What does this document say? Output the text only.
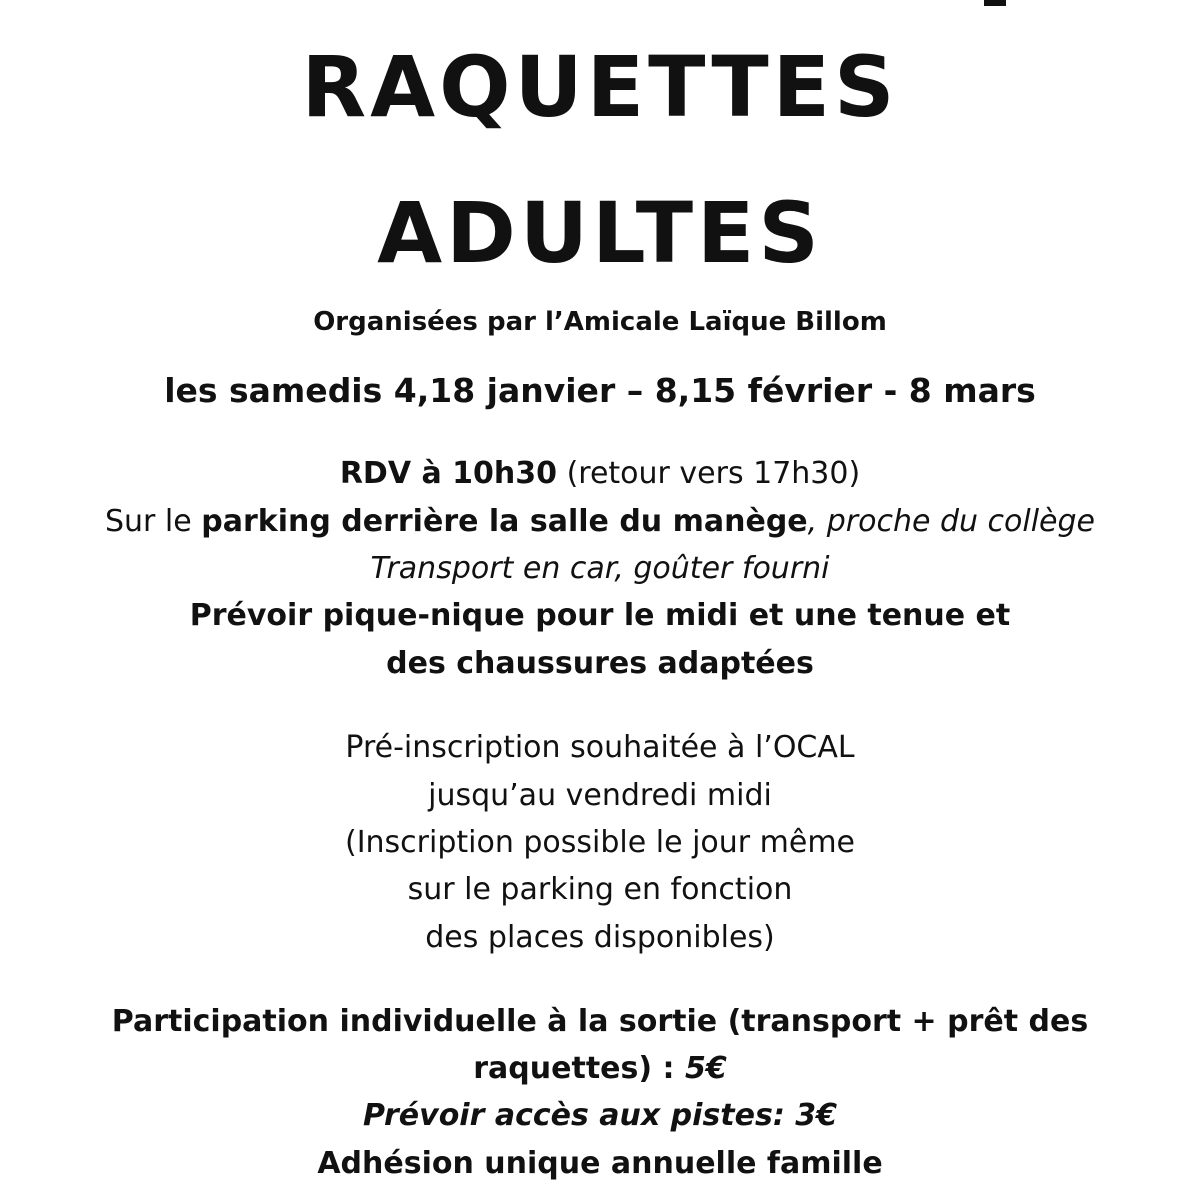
RAQUETTES
ADULTES
Organisées par l’Amicale Laïque Billom
les samedis 4,18 janvier – 8,15 février - 8 mars
RDV à 10h30 (retour vers 17h30)
Sur le parking derrière la salle du manège, proche du collège
Transport en car, goûter fourni
Prévoir pique-nique pour le midi et une tenue et
des chaussures adaptées
Pré-inscription souhaitée à l’OCAL
jusqu’au vendredi midi
(Inscription possible le jour même
sur le parking en fonction
des places disponibles)
Participation individuelle à la sortie (transport + prêt des
raquettes) : 5€
Prévoir accès aux pistes: 3€
Adhésion unique annuelle famille
